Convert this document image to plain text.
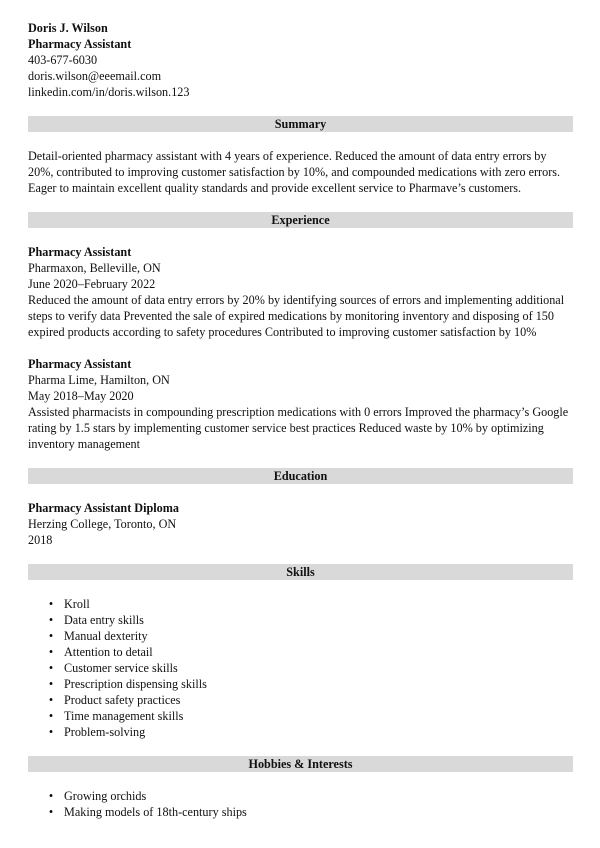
Doris J. Wilson
Pharmacy Assistant
403-677-6030
doris.wilson@eeemail.com
linkedin.com/in/doris.wilson.123
Summary

Detail-oriented pharmacy assistant with 4 years of experience. Reduced the amount of data entry errors by 20%, contributed to improving customer satisfaction by 10%, and compounded medications with zero errors. Eager to maintain excellent quality standards and provide excellent service to Pharmave’s customers.

Experience
Pharmacy Assistant
Pharmaxon, Belleville, ON
June 2020–February 2022

Reduced the amount of data entry errors by 20% by identifying sources of errors and implementing additional steps to verify data Prevented the sale of expired medications by monitoring inventory and disposing of 150 expired products according to safety procedures Contributed to improving customer satisfaction by 10%

Pharmacy Assistant
Pharma Lime, Hamilton, ON
May 2018–May 2020

Assisted pharmacists in compounding prescription medications with 0 errors Improved the pharmacy’s Google rating by 1.5 stars by implementing customer service best practices Reduced waste by 10% by optimizing inventory management

Education
Pharmacy Assistant Diploma
Herzing College, Toronto, ON
2018
Skills
• Kroll
• Data entry skills
• Manual dexterity
• Attention to detail
• Customer service skills
• Prescription dispensing skills
• Product safety practices
• Time management skills
• Problem-solving
Hobbies & Interests
• Growing orchids
• Making models of 18th-century ships
